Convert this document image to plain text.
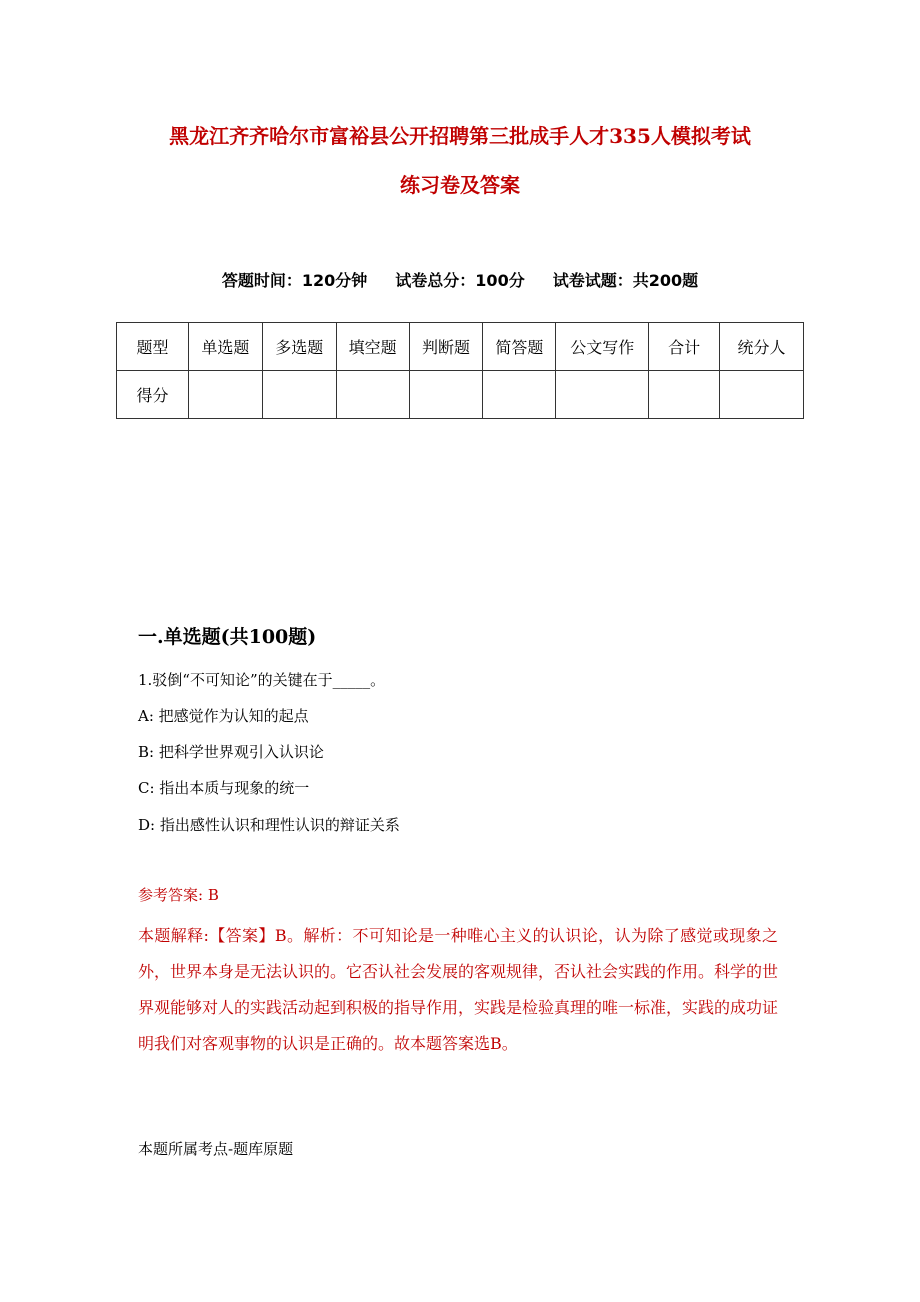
黑龙江齐齐哈尔市富裕县公开招聘第三批成手人才335人模拟考试
练习卷及答案
答题时间：120分钟 试卷总分：100分 试卷试题：共200题
题型	单选题	多选题	填空题	判断题	简答题	公文写作	合计	统分人
得分								
一.单选题(共100题)

1.驳倒“不可知论”的关键在于_____。

A: 把感觉作为认知的起点

B: 把科学世界观引入认识论

C: 指出本质与现象的统一

D: 指出感性认识和理性认识的辩证关系

参考答案: B

本题解释:【答案】B。解析：不可知论是一种唯心主义的认识论，认为除了感觉或现象之外，世界本身是无法认识的。它否认社会发展的客观规律，否认社会实践的作用。科学的世界观能够对人的实践活动起到积极的指导作用，实践是检验真理的唯一标准，实践的成功证明我们对客观事物的认识是正确的。故本题答案选B。

本题所属考点-题库原题
